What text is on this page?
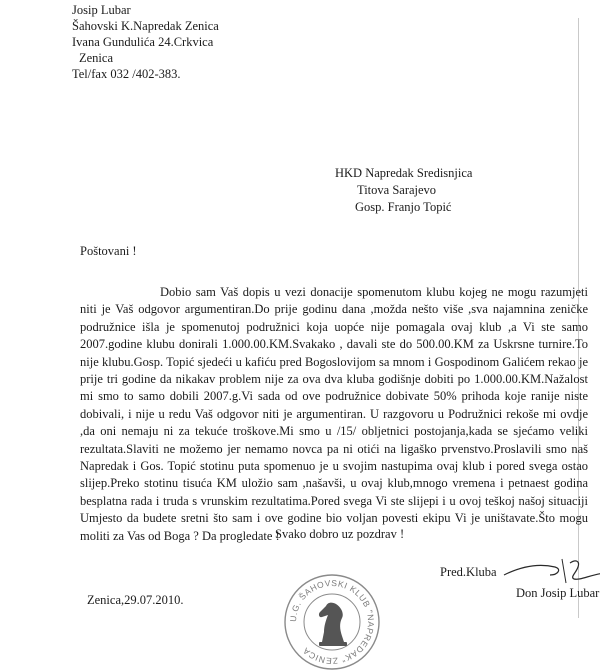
Josip Lubar
Šahovski K.Napredak Zenica
Ivana Gundulića 24.Crkvica
Zenica
Tel/fax 032 /402-383.
HKD Napredak Sredisnjica
Titova Sarajevo
Gosp. Franjo Topić
Poštovani !
Dobio sam Vaš dopis u vezi donacije spomenutom klubu kojeg ne mogu razumjeti niti je Vaš odgovor argumentiran.Do prije godinu dana ,možda nešto više ,sva najamnina zeničke podružnice išla je spomenutoj podružnici koja uopće nije pomagala ovaj klub ,a Vi ste samo 2007.godine klubu donirali 1.000.00.KM.Svakako , davali ste do 500.00.KM za Uskrsne turnire.To nije klubu.Gosp. Topić sjedeći u kafiću pred Bogoslovijom sa mnom i Gospodinom Galićem rekao je prije tri godine da nikakav problem nije za ova dva kluba godišnje dobiti po 1.000.00.KM.Nažalost mi smo to samo dobili 2007.g.Vi sada od ove podružnice dobivate 50% prihoda koje ranije niste dobivali, i nije u redu Vaš odgovor niti je argumentiran. U razgovoru u Podružnici rekoše mi ovdje ,da oni nemaju ni za tekuće troškove.Mi smo u /15/ obljetnici postojanja,kada se sjećamo veliki rezultata.Slaviti ne možemo jer nemamo novca pa ni otići na ligaško prvenstvo.Proslavili smo naš Napredak i Gos. Topić stotinu puta spomenuo je u svojim nastupima ovaj klub i pored svega ostao slijep.Preko stotinu tisuća KM uložio sam ,našavši, u ovaj klub,mnogo vremena i petnaest godina besplatna rada i truda s vrunskim rezultatima.Pored svega Vi ste slijepi i u ovoj teškoj našoj situaciji Umjesto da budete sretni što sam i ove godine bio voljan povesti ekipu Vi je uništavate.Što mogu moliti za Vas od Boga ? Da progledate !
Svako dobro uz pozdrav !
Pred.Kluba
Don Josip Lubar
Zenica,29.07.2010.
U.G. ŠAHOVSKI KLUB "NAPREDAK" ZENICA
